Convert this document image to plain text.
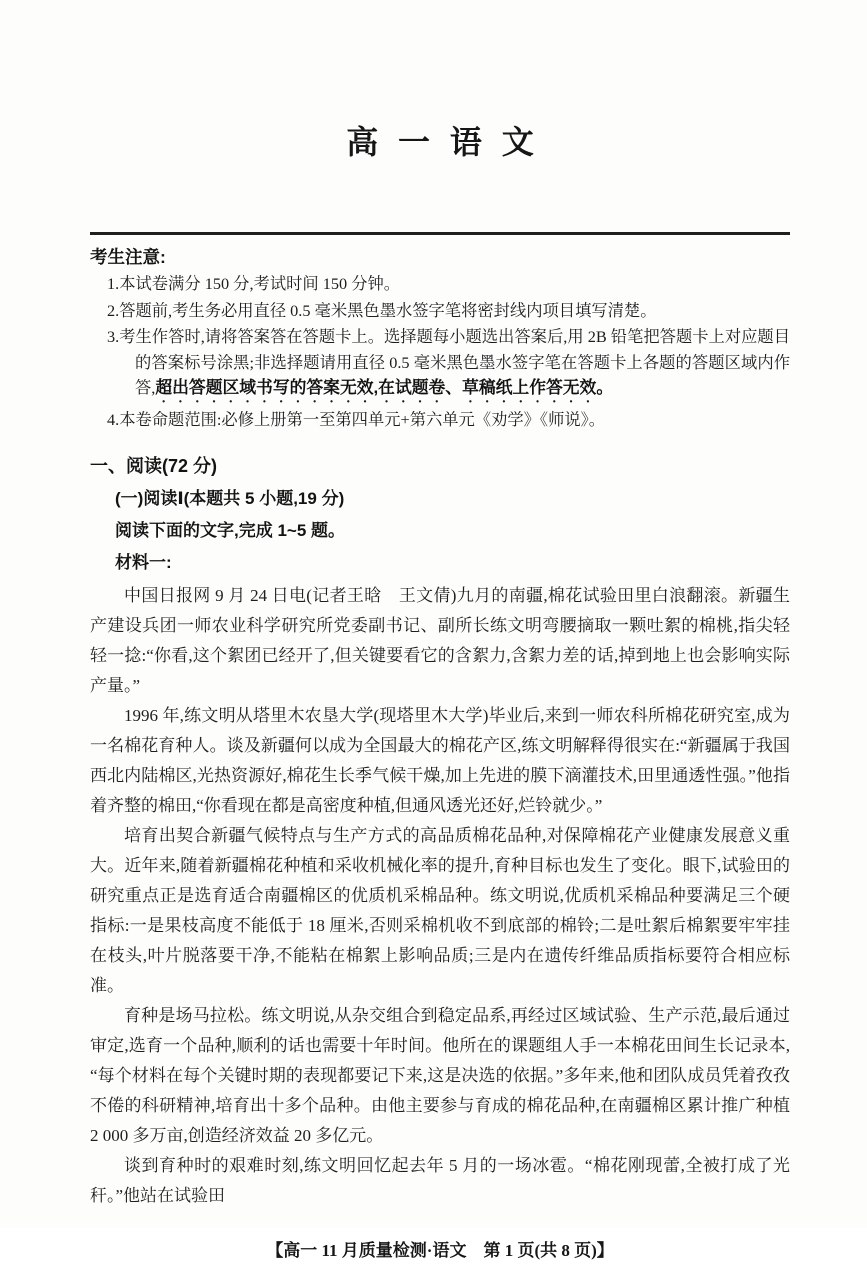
高一语文
考生注意:
1.本试卷满分 150 分,考试时间 150 分钟。
2.答题前,考生务必用直径 0.5 毫米黑色墨水签字笔将密封线内项目填写清楚。
3.考生作答时,请将答案答在答题卡上。选择题每小题选出答案后,用 2B 铅笔把答题卡上对应题目的答案标号涂黑;非选择题请用直径 0.5 毫米黑色墨水签字笔在答题卡上各题的答题区域内作答,超出答题区域书写的答案无效,在试题卷、草稿纸上作答无效。
4.本卷命题范围:必修上册第一至第四单元+第六单元《劝学》《师说》。
一、阅读(72 分)
(一)阅读Ⅰ(本题共 5 小题,19 分)
阅读下面的文字,完成 1~5 题。
材料一:

中国日报网 9 月 24 日电(记者王晗　王文倩)九月的南疆,棉花试验田里白浪翻滚。新疆生产建设兵团一师农业科学研究所党委副书记、副所长练文明弯腰摘取一颗吐絮的棉桃,指尖轻轻一捻:“你看,这个絮团已经开了,但关键要看它的含絮力,含絮力差的话,掉到地上也会影响实际产量。”

1996 年,练文明从塔里木农垦大学(现塔里木大学)毕业后,来到一师农科所棉花研究室,成为一名棉花育种人。谈及新疆何以成为全国最大的棉花产区,练文明解释得很实在:“新疆属于我国西北内陆棉区,光热资源好,棉花生长季气候干燥,加上先进的膜下滴灌技术,田里通透性强。”他指着齐整的棉田,“你看现在都是高密度种植,但通风透光还好,烂铃就少。”

培育出契合新疆气候特点与生产方式的高品质棉花品种,对保障棉花产业健康发展意义重大。近年来,随着新疆棉花种植和采收机械化率的提升,育种目标也发生了变化。眼下,试验田的研究重点正是选育适合南疆棉区的优质机采棉品种。练文明说,优质机采棉品种要满足三个硬指标:一是果枝高度不能低于 18 厘米,否则采棉机收不到底部的棉铃;二是吐絮后棉絮要牢牢挂在枝头,叶片脱落要干净,不能粘在棉絮上影响品质;三是内在遗传纤维品质指标要符合相应标准。

育种是场马拉松。练文明说,从杂交组合到稳定品系,再经过区域试验、生产示范,最后通过审定,选育一个品种,顺利的话也需要十年时间。他所在的课题组人手一本棉花田间生长记录本,“每个材料在每个关键时期的表现都要记下来,这是决选的依据。”多年来,他和团队成员凭着孜孜不倦的科研精神,培育出十多个品种。由他主要参与育成的棉花品种,在南疆棉区累计推广种植 2 000 多万亩,创造经济效益 20 多亿元。

谈到育种时的艰难时刻,练文明回忆起去年 5 月的一场冰雹。“棉花刚现蕾,全被打成了光秆。”他站在试验田

【高一 11 月质量检测·语文　第 1 页(共 8 页)】
